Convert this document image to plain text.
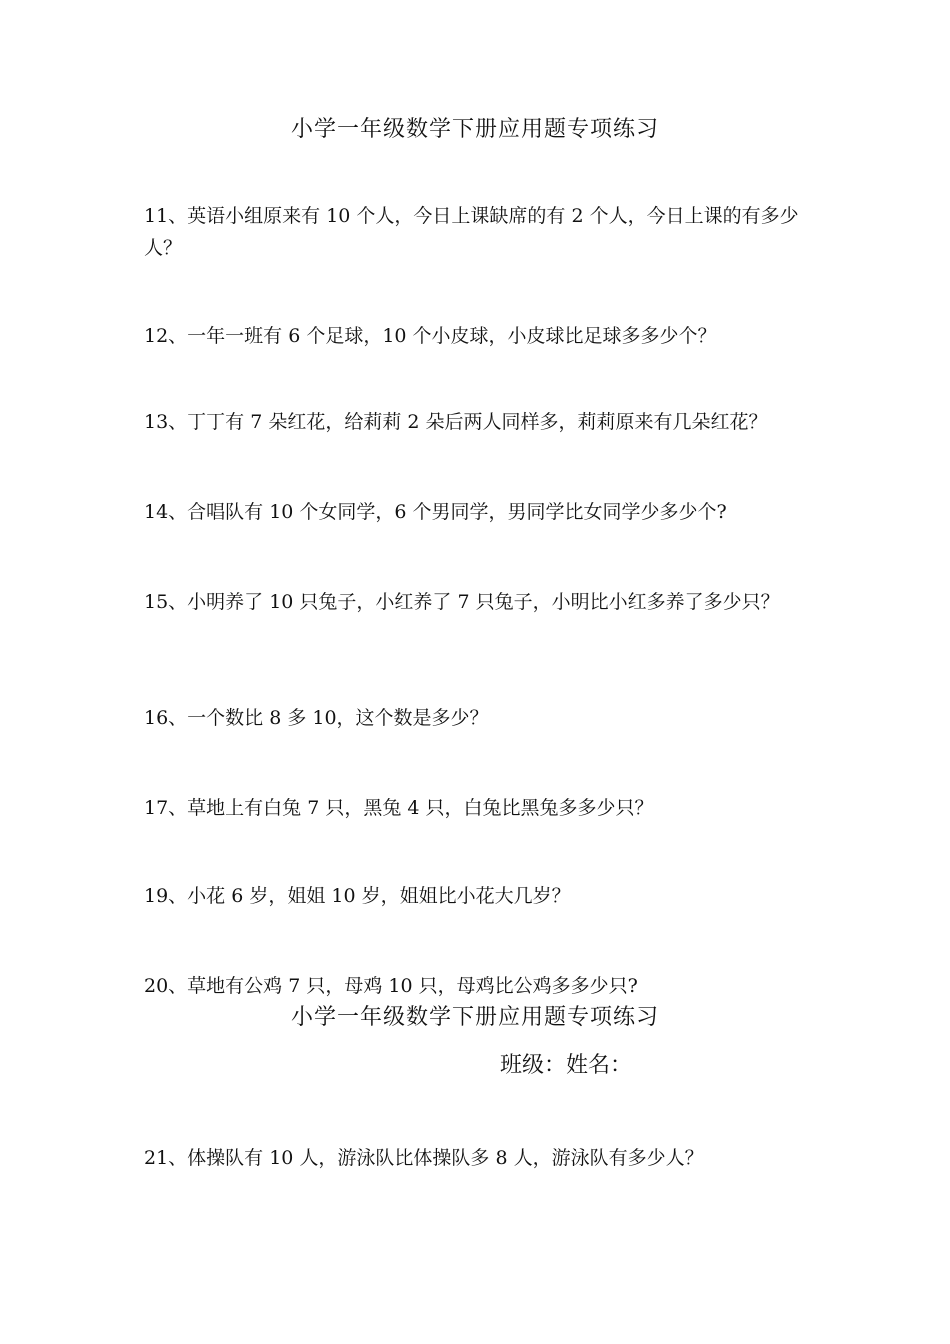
小学一年级数学下册应用题专项练习
11、英语小组原来有 10 个人，今日上课缺席的有 2 个人，今日上课的有多少人？
12、一年一班有 6 个足球，10 个小皮球，小皮球比足球多多少个？
13、丁丁有 7 朵红花，给莉莉 2 朵后两人同样多，莉莉原来有几朵红花？
14、合唱队有 10 个女同学，6 个男同学，男同学比女同学少多少个?
15、小明养了 10 只兔子，小红养了 7 只兔子，小明比小红多养了多少只？
16、一个数比 8 多 10，这个数是多少？
17、草地上有白兔 7 只，黑兔 4 只，白兔比黑兔多多少只？
19、小花 6 岁，姐姐 10 岁，姐姐比小花大几岁？
20、草地有公鸡 7 只，母鸡 10 只，母鸡比公鸡多多少只?
小学一年级数学下册应用题专项练习
班级：姓名：
21、体操队有 10 人，游泳队比体操队多 8 人，游泳队有多少人？
